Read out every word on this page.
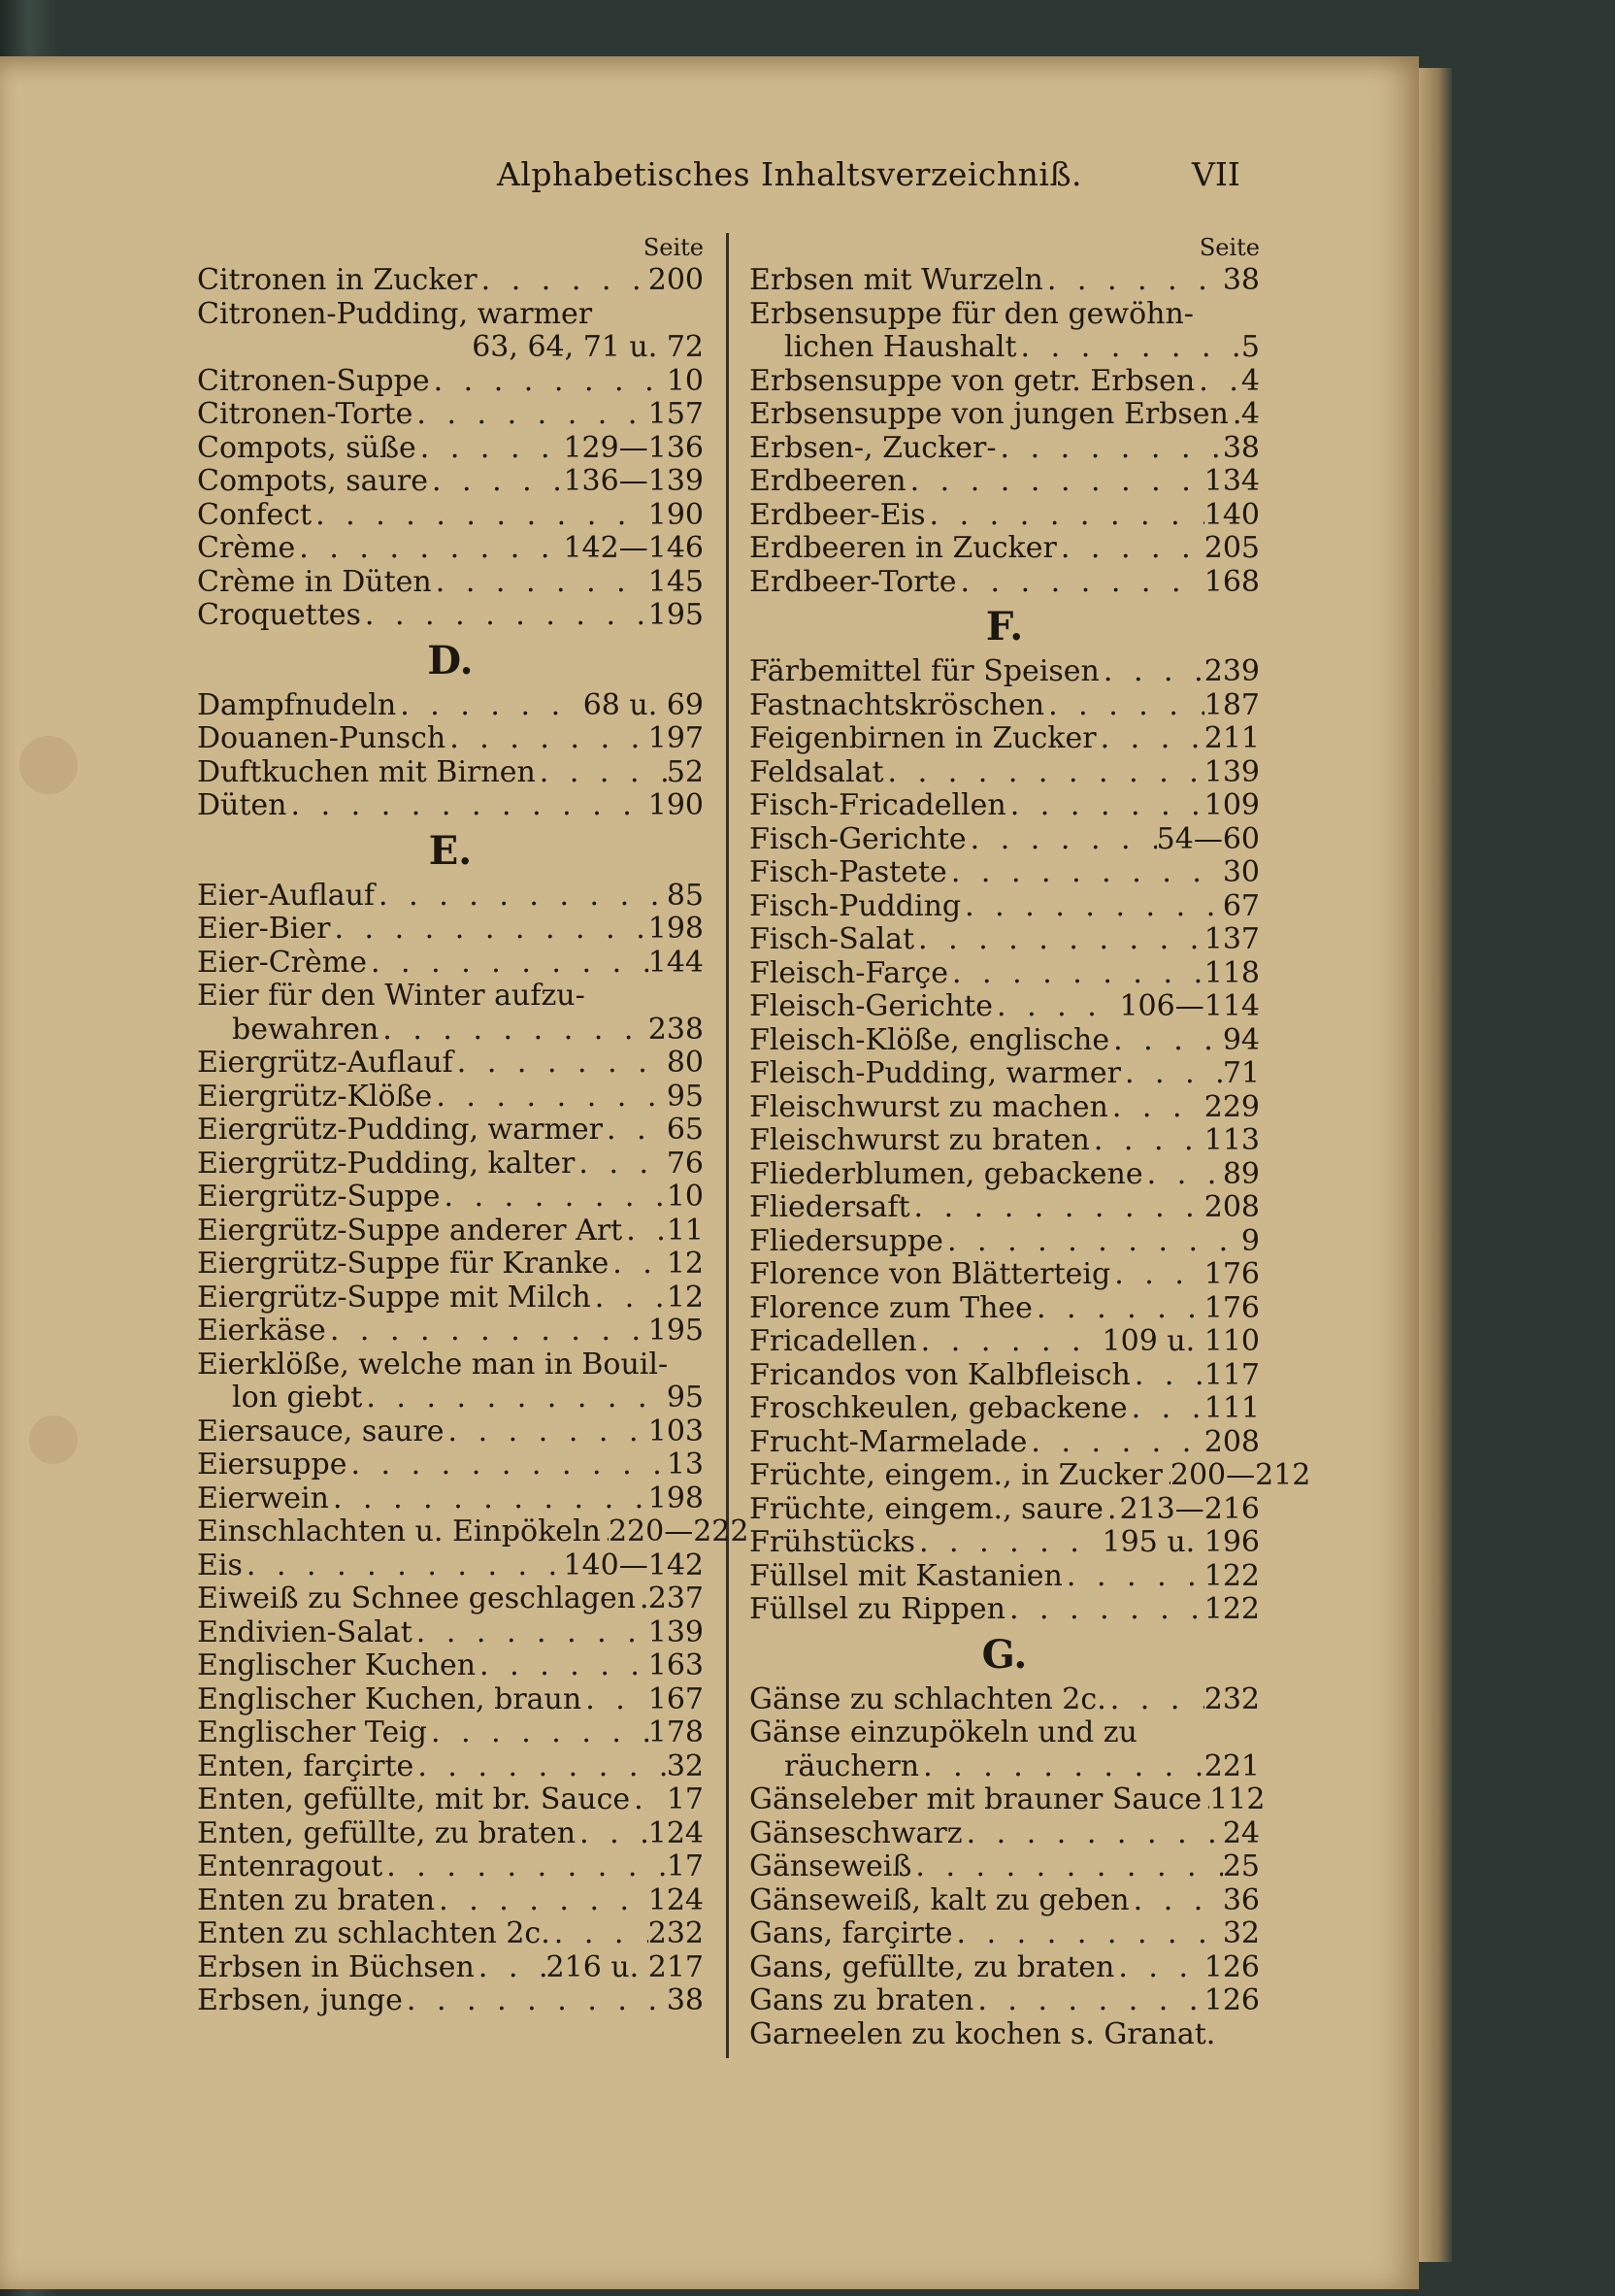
Alphabetisches Inhaltsverzeichniß.	VII
Seite
Citronen in Zucker . . .	200
Citronen-Pudding, warmer
63, 64, 71 u. 72
Citronen-Suppe . . .	10
Citronen-Torte . . .	157
Compots, süße . . .	129—136
Compots, saure . . .	136—139
Confect . . .	190
Crème . . .	142—146
Crème in Düten . . .	145
Croquettes . . .	195
D.
Dampfnudeln . . .	68 u. 69
Douanen-Punsch . . .	197
Duftkuchen mit Birnen . . .	52
Düten . . .	190
E.
Eier-Auflauf . . .	85
Eier-Bier . . .	198
Eier-Crème . . .	144
Eier für den Winter aufzu-
bewahren . . .	238
Eiergrütz-Auflauf . . .	80
Eiergrütz-Klöße . . .	95
Eiergrütz-Pudding, warmer . . . 65
Eiergrütz-Pudding, kalter . . .	76
Eiergrütz-Suppe . . .	10
Eiergrütz-Suppe anderer Art . . . 11
Eiergrütz-Suppe für Kranke . . . 12
Eiergrütz-Suppe mit Milch . . .	12
Eierkäse . . .	195
Eierklöße, welche man in Bouil-
lon giebt . . .	95
Eiersauce, saure . . .	103
Eiersuppe . . .	13
Eierwein . . .	198
Einschlachten u. Einpökeln . . . 220—222
Eis . . .	140—142
Eiweiß zu Schnee geschlagen . . . 237
Endivien-Salat . . .	139
Englischer Kuchen . . .	163
Englischer Kuchen, braun . . . 167
Englischer Teig . . .	178
Enten, farçirte . . .	32
Enten, gefüllte, mit br. Sauce . . . 17
Enten, gefüllte, zu braten . . . 124
Entenragout . . .	17
Enten zu braten . . .	124
Enten zu schlachten 2c. . . .	232
Erbsen in Büchsen . . . 216 u. 217
Erbsen, junge . . .	38
Seite
Erbsen mit Wurzeln . . .	38
Erbsensuppe für den gewöhn-
lichen Haushalt . . .	5
Erbsensuppe von getr. Erbsen . . . 4
Erbsensuppe von jungen Erbsen . . . 4
Erbsen-, Zucker- . . .	38
Erdbeeren . . .	134
Erdbeer-Eis . . .	140
Erdbeeren in Zucker . . .	205
Erdbeer-Torte . . .	168
F.
Färbemittel für Speisen . . .	239
Fastnachtskröschen . . .	187
Feigenbirnen in Zucker . . .	211
Feldsalat . . .	139
Fisch-Fricadellen . . .	109
Fisch-Gerichte . . .	54—60
Fisch-Pastete . . .	30
Fisch-Pudding . . .	67
Fisch-Salat . . .	137
Fleisch-Farçe . . .	118
Fleisch-Gerichte . . .	106—114
Fleisch-Klöße, englische . . .	94
Fleisch-Pudding, warmer . . .	71
Fleischwurst zu machen . . .	229
Fleischwurst zu braten . . .	113
Fliederblumen, gebackene . . .	89
Fliedersaft . . .	208
Fliedersuppe . . .	9
Florence von Blätterteig . . .	176
Florence zum Thee . . .	176
Fricadellen . . .	109 u. 110
Fricandos von Kalbfleisch . . .	117
Froschkeulen, gebackene . . .	111
Frucht-Marmelade . . .	208
Früchte, eingem., in Zucker . . . 200—212
Früchte, eingem., saure . . . 213—216
Frühstücks . . .	195 u. 196
Füllsel mit Kastanien . . .	122
Füllsel zu Rippen . . .	122
G.
Gänse zu schlachten 2c. . . .	232
Gänse einzupökeln und zu
räuchern . . .	221
Gänseleber mit brauner Sauce . . . 112
Gänseschwarz . . .	24
Gänseweiß . . .	25
Gänseweiß, kalt zu geben . . .	36
Gans, farçirte . . .	32
Gans, gefüllte, zu braten . . .	126
Gans zu braten . . .	126
Garneelen zu kochen s. Granat.
